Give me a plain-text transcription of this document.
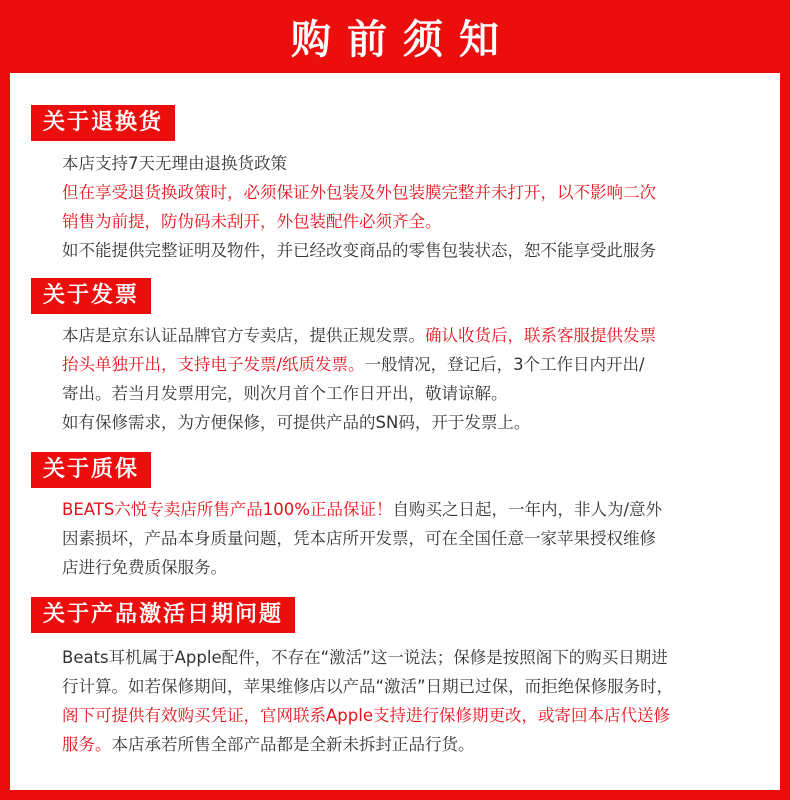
购前须知
关于退换货
本店支持7天无理由退换货政策
但在享受退货换政策时，必须保证外包装及外包装膜完整并未打开，以不影响二次
销售为前提，防伪码未刮开，外包装配件必须齐全。
如不能提供完整证明及物件，并已经改变商品的零售包装状态，恕不能享受此服务
关于发票
本店是京东认证品牌官方专卖店，提供正规发票。确认收货后，联系客服提供发票
抬头单独开出，支持电子发票/纸质发票。一般情况，登记后，3个工作日内开出/
寄出。若当月发票用完，则次月首个工作日开出，敬请谅解。
如有保修需求，为方便保修，可提供产品的SN码，开于发票上。
关于质保
BEATS六悦专卖店所售产品100%正品保证！自购买之日起，一年内，非人为/意外
因素损坏，产品本身质量问题，凭本店所开发票，可在全国任意一家苹果授权维修
店进行免费质保服务。
关于产品激活日期问题
Beats耳机属于Apple配件，不存在“激活”这一说法；保修是按照阁下的购买日期进
行计算。如若保修期间，苹果维修店以产品“激活”日期已过保，而拒绝保修服务时，
阁下可提供有效购买凭证，官网联系Apple支持进行保修期更改，或寄回本店代送修
服务。本店承若所售全部产品都是全新未拆封正品行货。
